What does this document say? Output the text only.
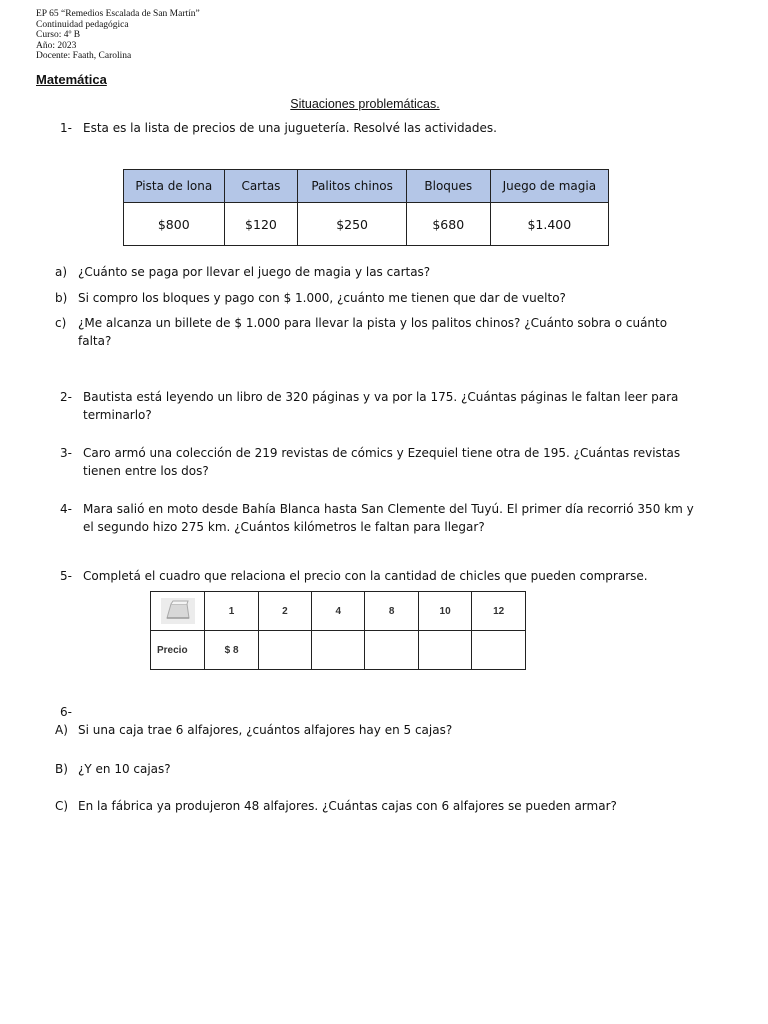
EP 65 “Remedios Escalada de San Martín”
Continuidad pedagógica
Curso: 4º B
Año: 2023
Docente: Faath, Carolina
Matemática
Situaciones problemáticas.
1- Esta es la lista de precios de una juguetería. Resolvé las actividades.
Pista de lona	Cartas	Palitos chinos	Bloques	Juego de magia
$800	$120	$250	$680	$1.400
a) ¿Cuánto se paga por llevar el juego de magia y las cartas?
b) Si compro los bloques y pago con $ 1.000, ¿cuánto me tienen que dar de vuelto?
c) ¿Me alcanza un billete de $ 1.000 para llevar la pista y los palitos chinos? ¿Cuánto sobra o cuánto
falta?
2- Bautista está leyendo un libro de 320 páginas y va por la 175. ¿Cuántas páginas le faltan leer para
terminarlo?
3- Caro armó una colección de 219 revistas de cómics y Ezequiel tiene otra de 195. ¿Cuántas revistas
tienen entre los dos?
4- Mara salió en moto desde Bahía Blanca hasta San Clemente del Tuyú. El primer día recorrió 350 km y
el segundo hizo 275 km. ¿Cuántos kilómetros le faltan para llegar?
5- Completá el cuadro que relaciona el precio con la cantidad de chicles que pueden comprarse.
	1	2	4	8	10	12
Precio	$ 8					
6-
A) Si una caja trae 6 alfajores, ¿cuántos alfajores hay en 5 cajas?
B) ¿Y en 10 cajas?
C) En la fábrica ya produjeron 48 alfajores. ¿Cuántas cajas con 6 alfajores se pueden armar?
